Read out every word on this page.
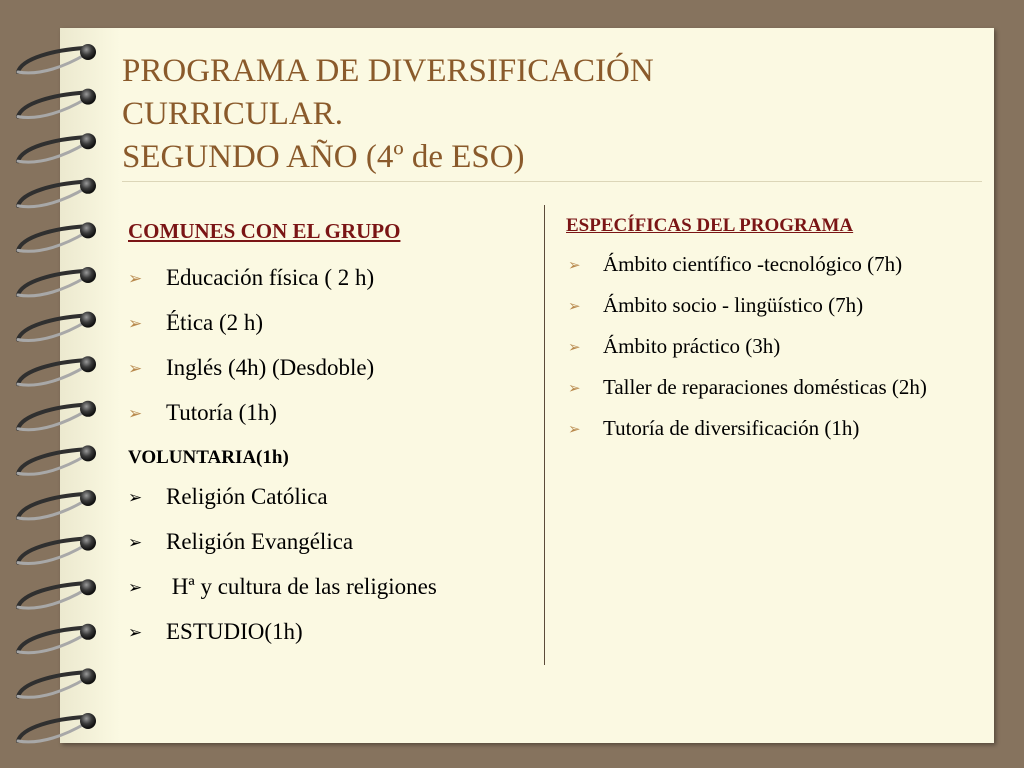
PROGRAMA DE DIVERSIFICACIÓN
CURRICULAR.
SEGUNDO AÑO (4º de ESO)

COMUNES CON EL GRUPO

➢ Educación física ( 2 h)
➢ Ética (2 h)
➢ Inglés (4h) (Desdoble)
➢ Tutoría (1h)

VOLUNTARIA(1h)

➢ Religión Católica
➢ Religión Evangélica
➢ Hª y cultura de las religiones
➢ ESTUDIO(1h)

ESPECÍFICAS DEL PROGRAMA

➢ Ámbito científico -tecnológico (7h)
➢ Ámbito socio - lingüístico (7h)
➢ Ámbito práctico (3h)
➢ Taller de reparaciones domésticas (2h)
➢ Tutoría de diversificación (1h)
